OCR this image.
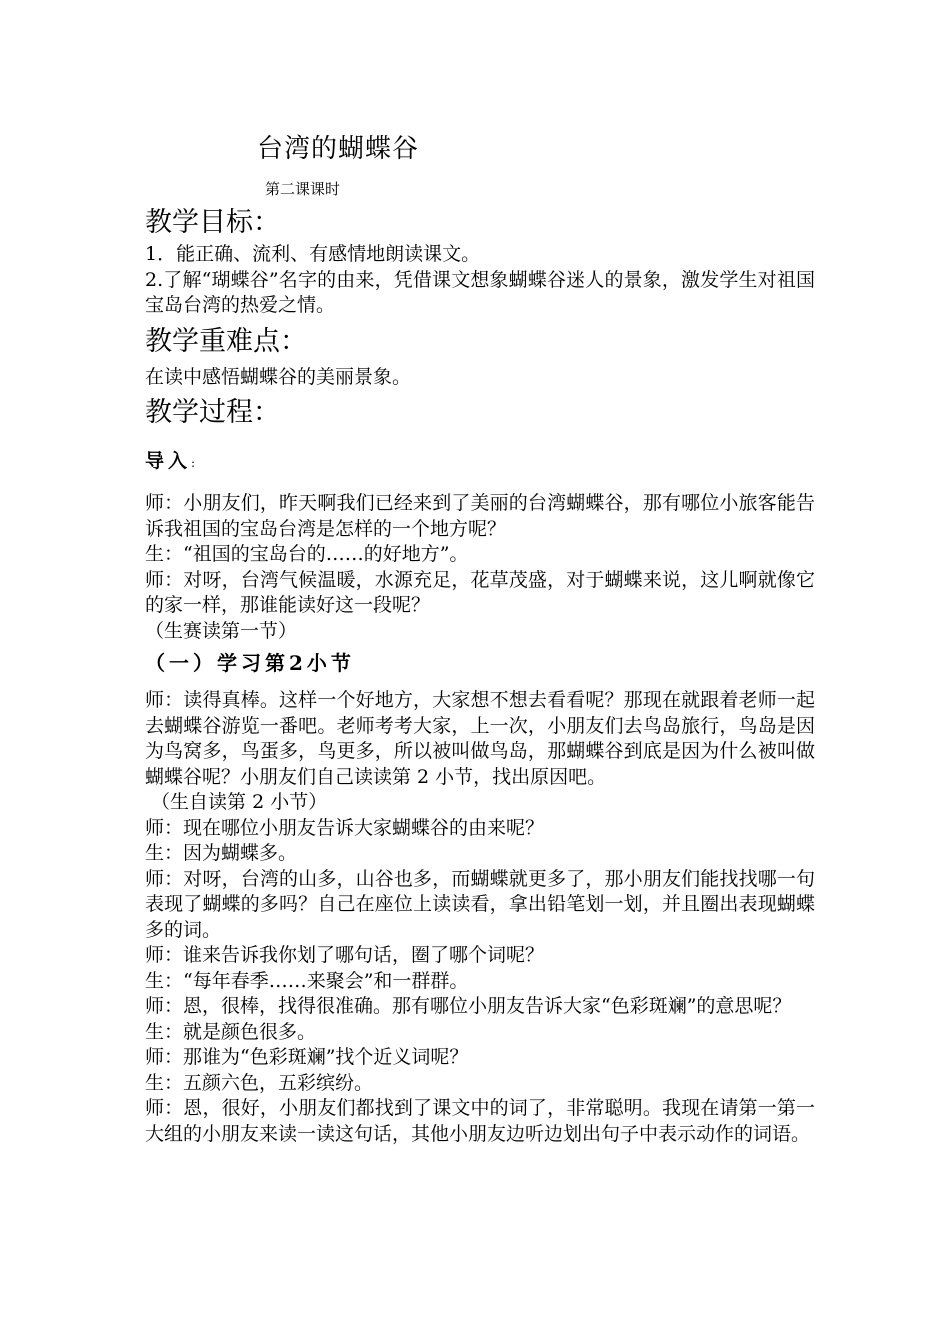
台湾的蝴蝶谷
第二课课时
教学目标：
1．能正确、流利、有感情地朗读课文。
2.了解“瑚蝶谷”名字的由来，凭借课文想象蝴蝶谷迷人的景象，激发学生对祖国宝岛台湾的热爱之情。
教学重难点：
在读中感悟蝴蝶谷的美丽景象。
教学过程：
导入:
师：小朋友们，昨天啊我们已经来到了美丽的台湾蝴蝶谷，那有哪位小旅客能告诉我祖国的宝岛台湾是怎样的一个地方呢？
生：“祖国的宝岛台的……的好地方”。
师：对呀，台湾气候温暖，水源充足，花草茂盛，对于蝴蝶来说，这儿啊就像它的家一样，那谁能读好这一段呢？
（生赛读第一节）
（一）学习第2小节
师：读得真棒。这样一个好地方，大家想不想去看看呢？那现在就跟着老师一起去蝴蝶谷游览一番吧。老师考考大家，上一次，小朋友们去鸟岛旅行，鸟岛是因为鸟窝多，鸟蛋多，鸟更多，所以被叫做鸟岛，那蝴蝶谷到底是因为什么被叫做蝴蝶谷呢？小朋友们自己读读第 2 小节，找出原因吧。
（生自读第 2 小节）
师：现在哪位小朋友告诉大家蝴蝶谷的由来呢？
生：因为蝴蝶多。
师：对呀，台湾的山多，山谷也多，而蝴蝶就更多了，那小朋友们能找找哪一句表现了蝴蝶的多吗？自己在座位上读读看，拿出铅笔划一划，并且圈出表现蝴蝶多的词。
师：谁来告诉我你划了哪句话，圈了哪个词呢？
生：“每年春季……来聚会”和一群群。
师：恩，很棒，找得很准确。那有哪位小朋友告诉大家“色彩斑斓”的意思呢？
生：就是颜色很多。
师：那谁为“色彩斑斓”找个近义词呢？
生：五颜六色，五彩缤纷。
师：恩，很好，小朋友们都找到了课文中的词了，非常聪明。我现在请第一第一大组的小朋友来读一读这句话，其他小朋友边听边划出句子中表示动作的词语。
